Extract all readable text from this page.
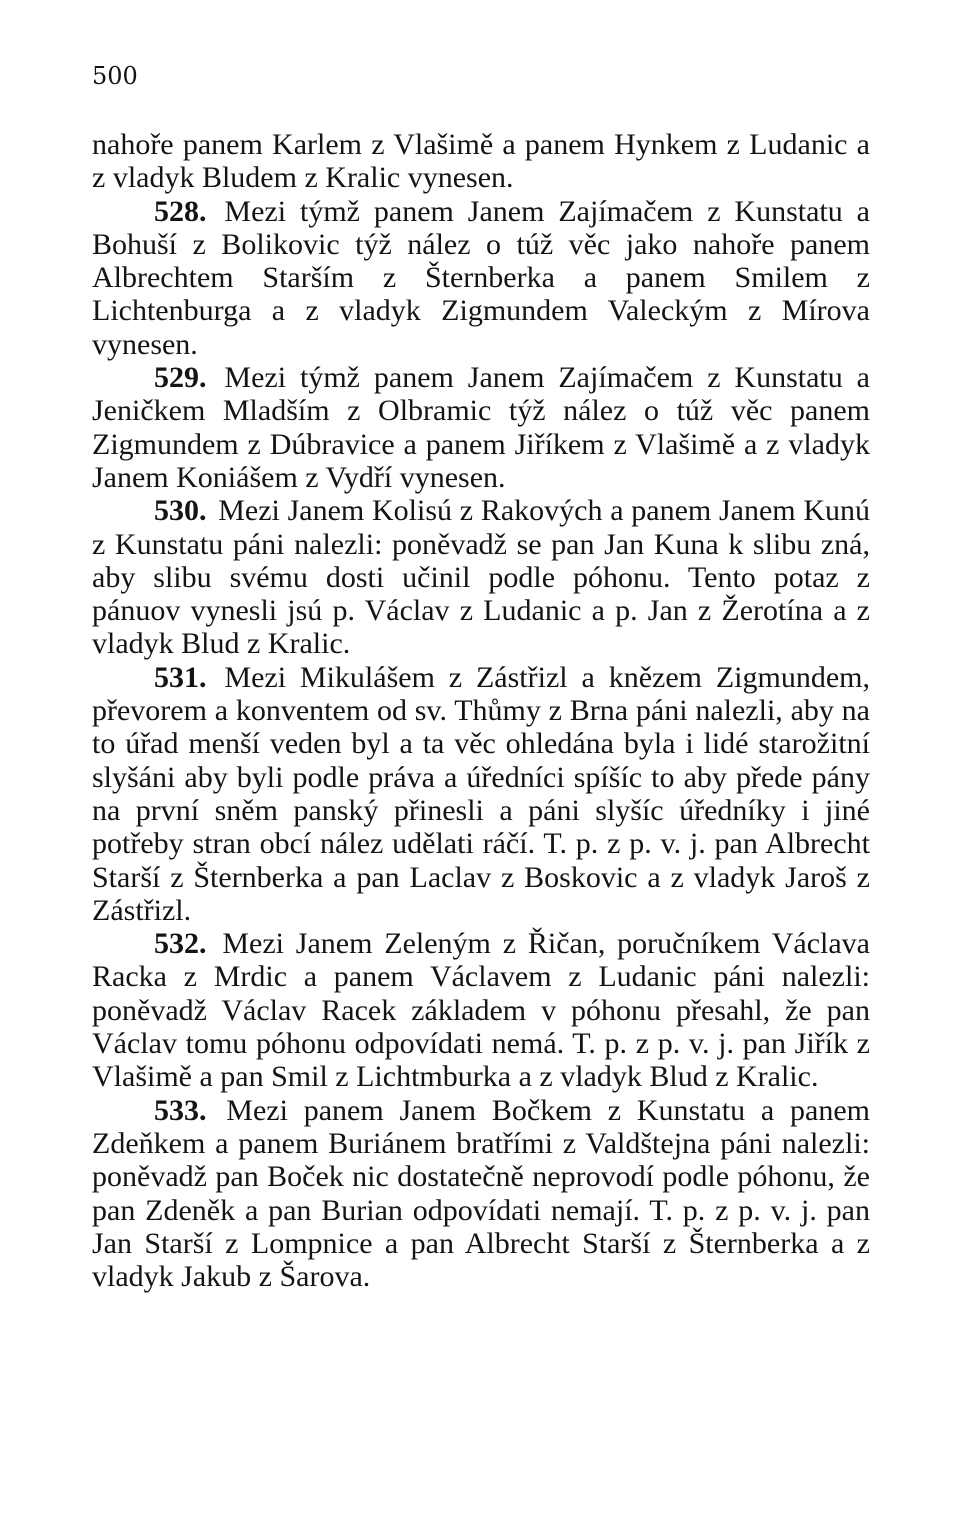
500

nahoře panem Karlem z Vlašimě a panem Hynkem z Ludanic a z vladyk Bludem z Kralic vynesen.

528. Mezi týmž panem Janem Zajímačem z Kunstatu a Bohuší z Bolikovic týž nález o túž věc jako nahoře panem Albrechtem Starším z Šternberka a panem Smilem z Lichtenburga a z vladyk Zigmundem Valeckým z Mírova vynesen.

529. Mezi týmž panem Janem Zajímačem z Kunstatu a Jeničkem Mladším z Olbramic týž nález o túž věc panem Zigmundem z Dúbravice a panem Jiříkem z Vlašimě a z vladyk Janem Koniášem z Vydří vynesen.

530. Mezi Janem Kolisú z Rakových a panem Janem Kunú z Kunstatu páni nalezli: poněvadž se pan Jan Kuna k slibu zná, aby slibu svému dosti učinil podle póhonu. Tento potaz z pánuov vynesli jsú p. Václav z Ludanic a p. Jan z Žerotína a z vladyk Blud z Kralic.

531. Mezi Mikulášem z Zástřizl a knězem Zigmundem, převorem a konventem od sv. Thůmy z Brna páni nalezli, aby na to úřad menší veden byl a ta věc ohledána byla i lidé starožitní slyšáni aby byli podle práva a úředníci spíšíc to aby přede pány na první sněm panský přinesli a páni slyšíc úředníky i jiné potřeby stran obcí nález udělati ráčí. T. p. z p. v. j. pan Albrecht Starší z Šternberka a pan Laclav z Boskovic a z vladyk Jaroš z Zástřizl.

532. Mezi Janem Zeleným z Řičan, poručníkem Václava Racka z Mrdic a panem Václavem z Ludanic páni nalezli: poněvadž Václav Racek základem v póhonu přesahl, že pan Václav tomu póhonu odpovídati nemá. T. p. z p. v. j. pan Jiřík z Vlašimě a pan Smil z Lichtmburka a z vladyk Blud z Kralic.

533. Mezi panem Janem Bočkem z Kunstatu a panem Zdeňkem a panem Buriánem bratřími z Valdštejna páni nalezli: poněvadž pan Boček nic dostatečně neprovodí podle póhonu, že pan Zdeněk a pan Burian odpovídati nemají. T. p. z p. v. j. pan Jan Starší z Lompnice a pan Albrecht Starší z Šternberka a z vladyk Jakub z Šarova.
